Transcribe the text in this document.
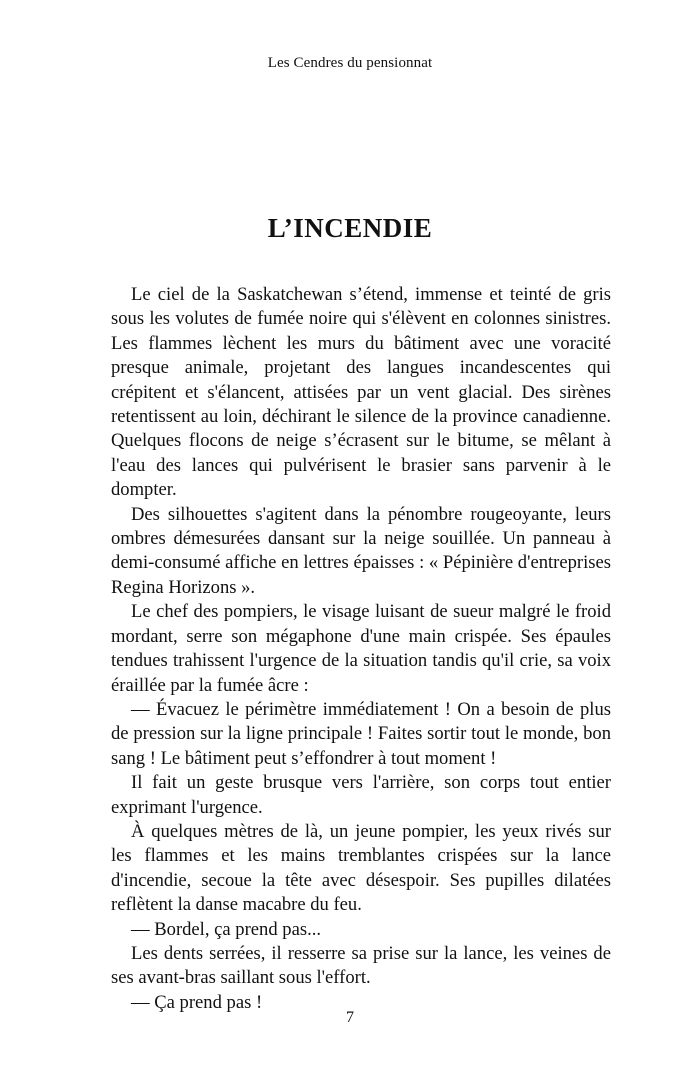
Les Cendres du pensionnat
L’INCENDIE

Le ciel de la Saskatchewan s’étend, immense et teinté de gris sous les volutes de fumée noire qui s'élèvent en colonnes sinistres. Les flammes lèchent les murs du bâtiment avec une voracité presque animale, projetant des langues incandescentes qui crépitent et s'élancent, attisées par un vent glacial. Des sirènes retentissent au loin, déchirant le silence de la province canadienne. Quelques flocons de neige s’écrasent sur le bitume, se mêlant à l'eau des lances qui pulvérisent le brasier sans parvenir à le dompter.

Des silhouettes s'agitent dans la pénombre rougeoyante, leurs ombres démesurées dansant sur la neige souillée. Un panneau à demi-consumé affiche en lettres épaisses : « Pépinière d'entreprises Regina Horizons ».

Le chef des pompiers, le visage luisant de sueur malgré le froid mordant, serre son mégaphone d'une main crispée. Ses épaules tendues trahissent l'urgence de la situation tandis qu'il crie, sa voix éraillée par la fumée âcre :

— Évacuez le périmètre immédiatement ! On a besoin de plus de pression sur la ligne principale ! Faites sortir tout le monde, bon sang ! Le bâtiment peut s’effondrer à tout moment !

Il fait un geste brusque vers l'arrière, son corps tout entier exprimant l'urgence.

À quelques mètres de là, un jeune pompier, les yeux rivés sur les flammes et les mains tremblantes crispées sur la lance d'incendie, secoue la tête avec désespoir. Ses pupilles dilatées reflètent la danse macabre du feu.

— Bordel, ça prend pas...

Les dents serrées, il resserre sa prise sur la lance, les veines de ses avant-bras saillant sous l'effort.

— Ça prend pas !

7
